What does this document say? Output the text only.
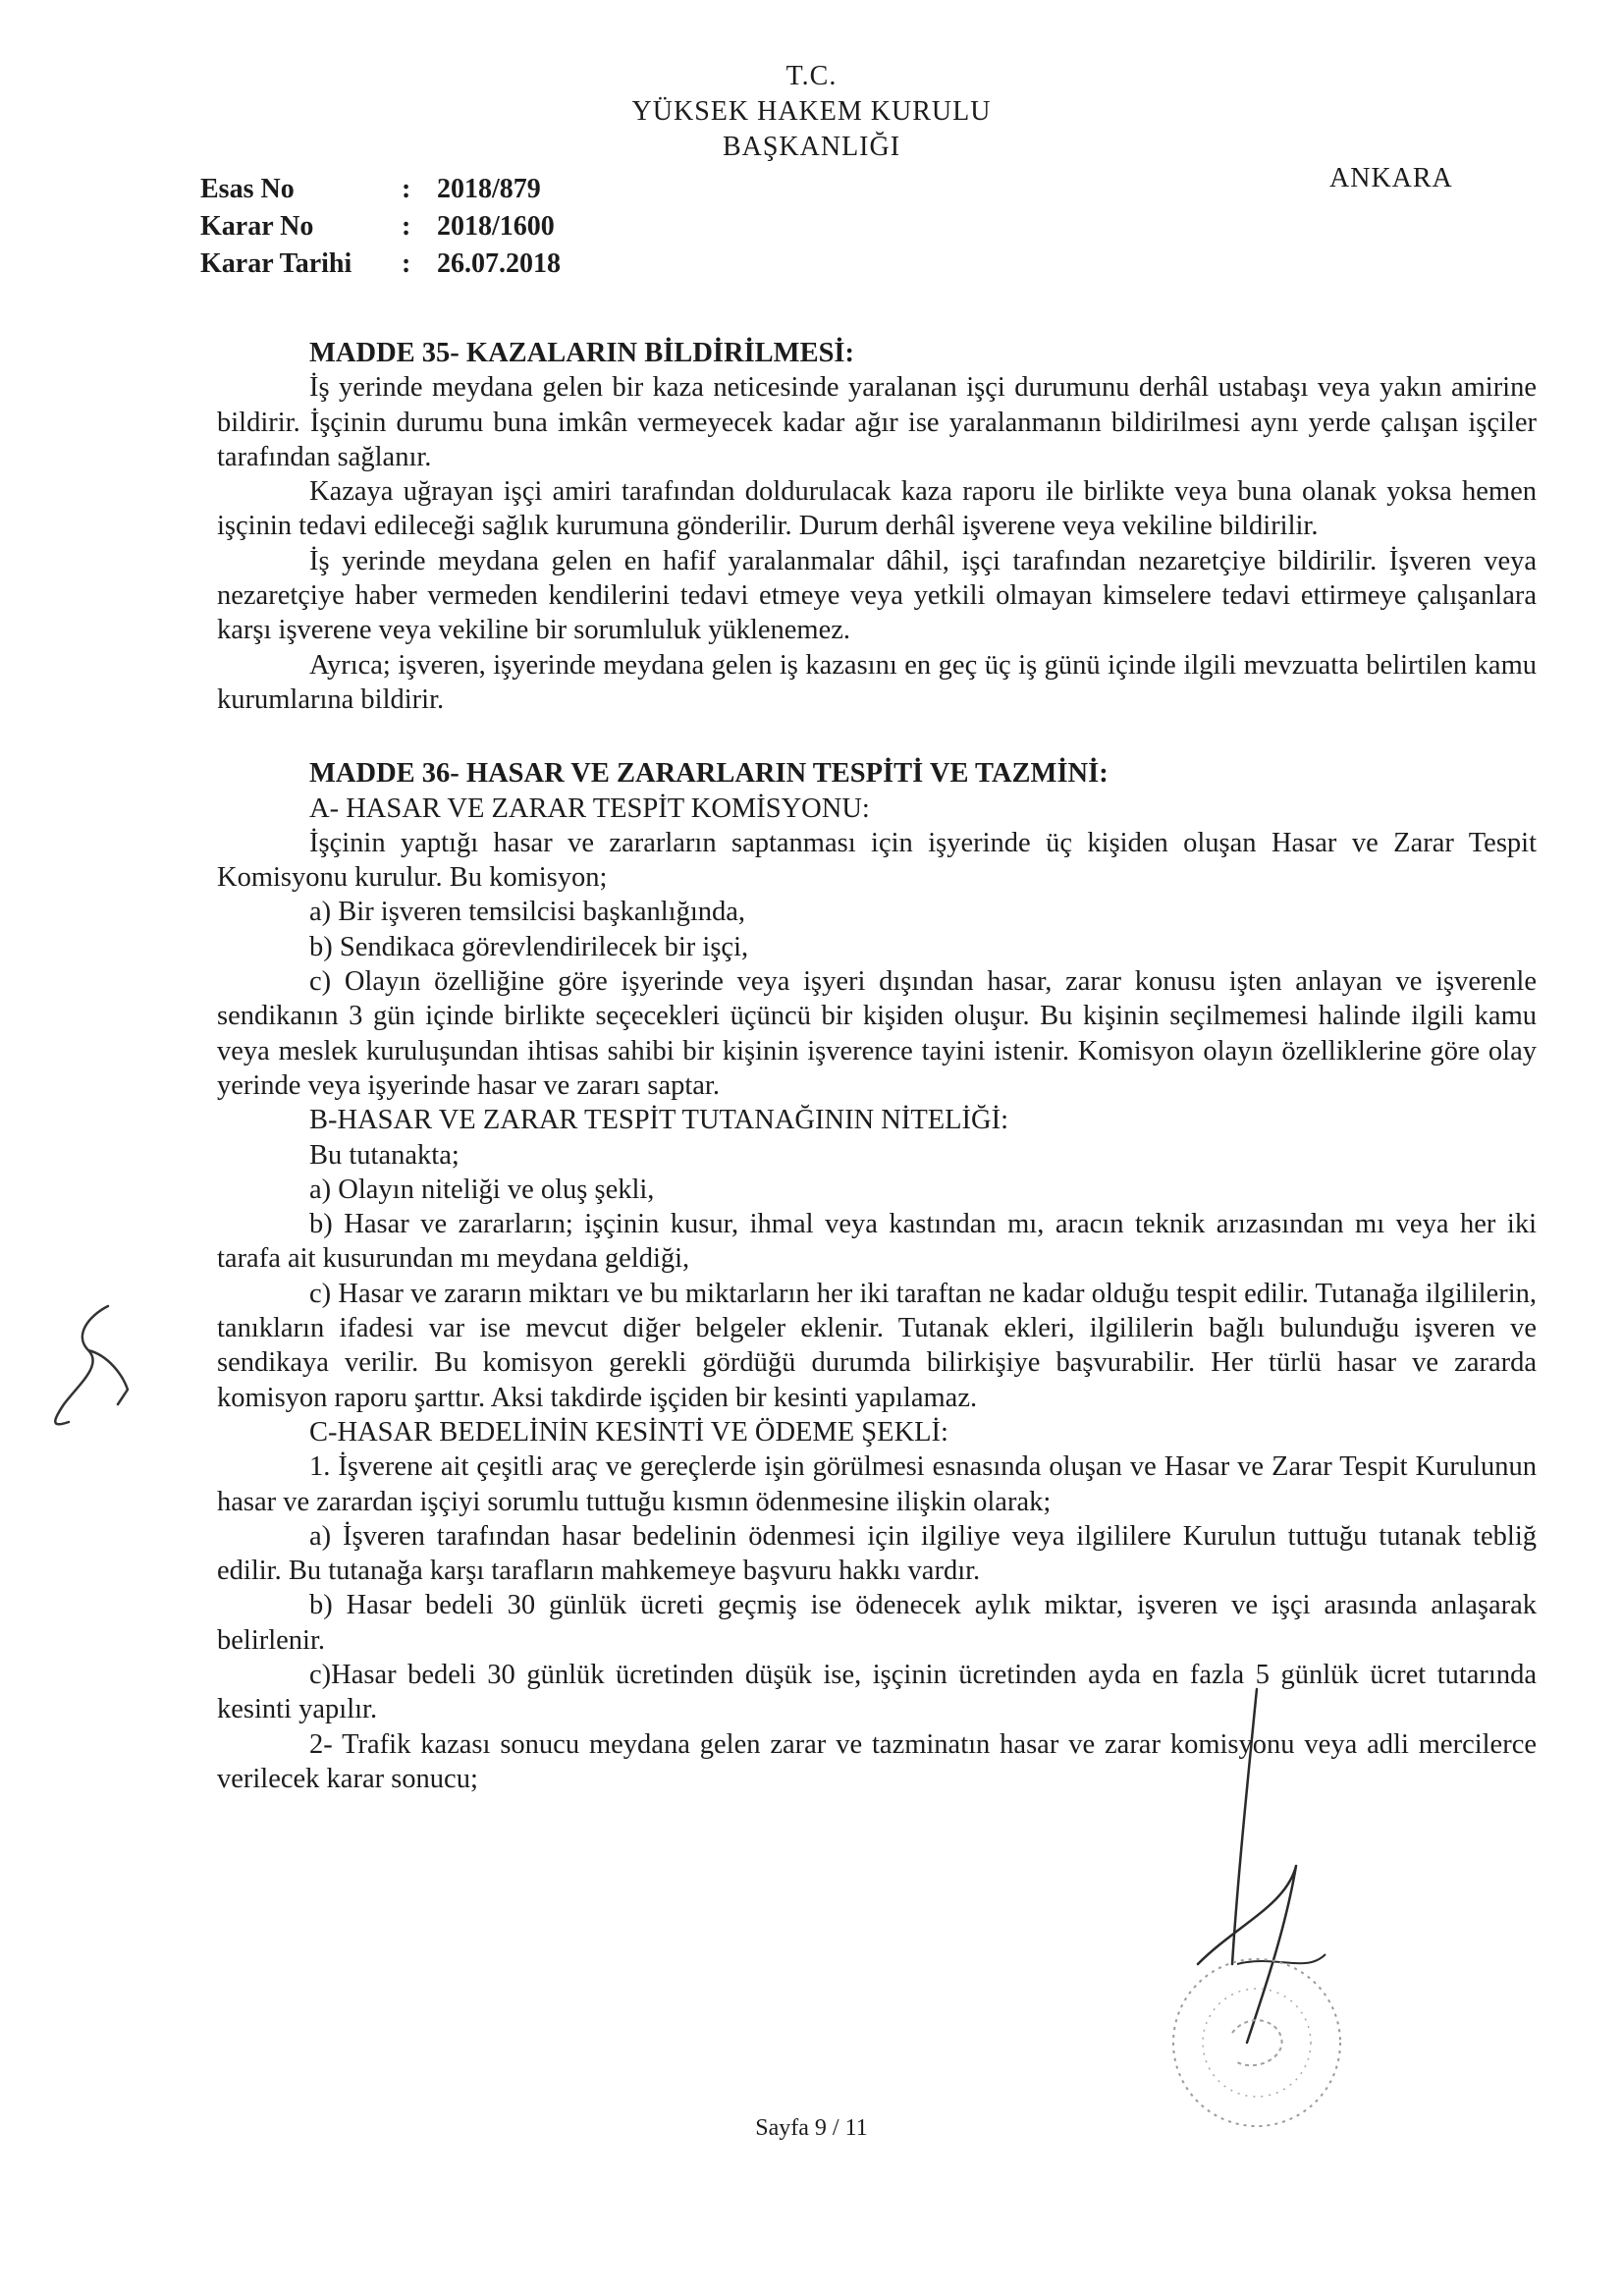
T.C.
YÜKSEK HAKEM KURULU
BAŞKANLIĞI
Esas No	: 2018/879
Karar No	: 2018/1600
Karar Tarihi	: 26.07.2018
ANKARA

MADDE 35- KAZALARIN BİLDİRİLMESİ:

İş yerinde meydana gelen bir kaza neticesinde yaralanan işçi durumunu derhâl ustabaşı veya yakın amirine bildirir. İşçinin durumu buna imkân vermeyecek kadar ağır ise yaralanmanın bildirilmesi aynı yerde çalışan işçiler tarafından sağlanır.

Kazaya uğrayan işçi amiri tarafından doldurulacak kaza raporu ile birlikte veya buna olanak yoksa hemen işçinin tedavi edileceği sağlık kurumuna gönderilir. Durum derhâl işverene veya vekiline bildirilir.

İş yerinde meydana gelen en hafif yaralanmalar dâhil, işçi tarafından nezaretçiye bildirilir. İşveren veya nezaretçiye haber vermeden kendilerini tedavi etmeye veya yetkili olmayan kimselere tedavi ettirmeye çalışanlara karşı işverene veya vekiline bir sorumluluk yüklenemez.

Ayrıca; işveren, işyerinde meydana gelen iş kazasını en geç üç iş günü içinde ilgili mevzuatta belirtilen kamu kurumlarına bildirir.

MADDE 36- HASAR VE ZARARLARIN TESPİTİ VE TAZMİNİ:

A- HASAR VE ZARAR TESPİT KOMİSYONU:

İşçinin yaptığı hasar ve zararların saptanması için işyerinde üç kişiden oluşan Hasar ve Zarar Tespit Komisyonu kurulur. Bu komisyon;

a) Bir işveren temsilcisi başkanlığında,

b) Sendikaca görevlendirilecek bir işçi,

c) Olayın özelliğine göre işyerinde veya işyeri dışından hasar, zarar konusu işten anlayan ve işverenle sendikanın 3 gün içinde birlikte seçecekleri üçüncü bir kişiden oluşur. Bu kişinin seçilmemesi halinde ilgili kamu veya meslek kuruluşundan ihtisas sahibi bir kişinin işverence tayini istenir. Komisyon olayın özelliklerine göre olay yerinde veya işyerinde hasar ve zararı saptar.

B-HASAR VE ZARAR TESPİT TUTANAĞININ NİTELİĞİ:

Bu tutanakta;

a) Olayın niteliği ve oluş şekli,

b) Hasar ve zararların; işçinin kusur, ihmal veya kastından mı, aracın teknik arızasından mı veya her iki tarafa ait kusurundan mı meydana geldiği,

c) Hasar ve zararın miktarı ve bu miktarların her iki taraftan ne kadar olduğu tespit edilir. Tutanağa ilgililerin, tanıkların ifadesi var ise mevcut diğer belgeler eklenir. Tutanak ekleri, ilgililerin bağlı bulunduğu işveren ve sendikaya verilir. Bu komisyon gerekli gördüğü durumda bilirkişiye başvurabilir. Her türlü hasar ve zararda komisyon raporu şarttır. Aksi takdirde işçiden bir kesinti yapılamaz.

C-HASAR BEDELİNİN KESİNTİ VE ÖDEME ŞEKLİ:

1. İşverene ait çeşitli araç ve gereçlerde işin görülmesi esnasında oluşan ve Hasar ve Zarar Tespit Kurulunun hasar ve zarardan işçiyi sorumlu tuttuğu kısmın ödenmesine ilişkin olarak;

a) İşveren tarafından hasar bedelinin ödenmesi için ilgiliye veya ilgililere Kurulun tuttuğu tutanak tebliğ edilir. Bu tutanağa karşı tarafların mahkemeye başvuru hakkı vardır.

b) Hasar bedeli 30 günlük ücreti geçmiş ise ödenecek aylık miktar, işveren ve işçi arasında anlaşarak belirlenir.

c)Hasar bedeli 30 günlük ücretinden düşük ise, işçinin ücretinden ayda en fazla 5 günlük ücret tutarında kesinti yapılır.

2- Trafik kazası sonucu meydana gelen zarar ve tazminatın hasar ve zarar komisyonu veya adli mercilerce verilecek karar sonucu;

Sayfa 9 / 11
